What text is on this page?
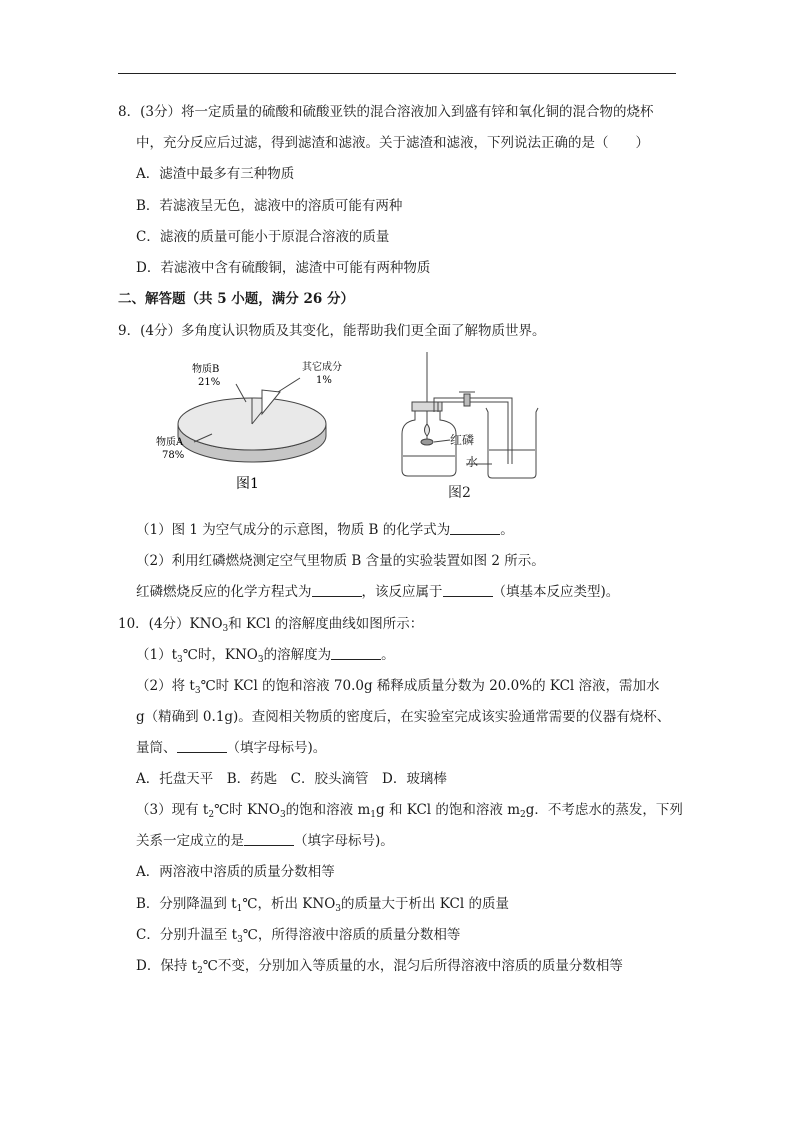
8．(3分）将一定质量的硫酸和硫酸亚铁的混合溶液加入到盛有锌和氧化铜的混合物的烧杯
中，充分反应后过滤，得到滤渣和滤液。关于滤渣和滤液，下列说法正确的是（　　）
A．滤渣中最多有三种物质
B．若滤液呈无色，滤液中的溶质可能有两种
C．滤液的质量可能小于原混合溶液的质量
D．若滤液中含有硫酸铜，滤渣中可能有两种物质
二、解答题（共 5 小题，满分 26 分）
9．(4分）多角度认识物质及其变化，能帮助我们更全面了解物质世界。
物质B
21%
其它成分
1%
物质A
78%
图1
红磷
水
图2
（1）图 1 为空气成分的示意图，物质 B 的化学式为	。
（2）利用红磷燃烧测定空气里物质 B 含量的实验装置如图 2 所示。
红磷燃烧反应的化学方程式为	，该反应属于	（填基本反应类型)。
10．(4分）$KNO_3$和 KCl 的溶解度曲线如图所示：
$(1)t_3℃$时，$KNO_3$的溶解度为	。
（2）将 $t_3℃$时 KCl 的饱和溶液 70.0g 稀释成质量分数为 20.0%的 KCl 溶液，需加水
g（精确到 0.1g)。查阅相关物质的密度后，在实验室完成该实验通常需要的仪器有烧杯、
量筒、	（填字母标号)。
A．托盘天平　B．药匙　C．胶头滴管　D．玻璃棒
（3）现有 $t_2℃$时 $KNO_3$的饱和溶液 $m_1g$ 和 KCl 的饱和溶液 $m_2g$．不考虑水的蒸发，下列
关系一定成立的是	（填字母标号)。
A．两溶液中溶质的质量分数相等
B．分别降温到 $t_1℃$，析出 $KNO_3$的质量大于析出 KCl 的质量
C．分别升温至 $t_3℃$，所得溶液中溶质的质量分数相等
D．保持 $t_2℃$不变，分别加入等质量的水，混匀后所得溶液中溶质的质量分数相等
